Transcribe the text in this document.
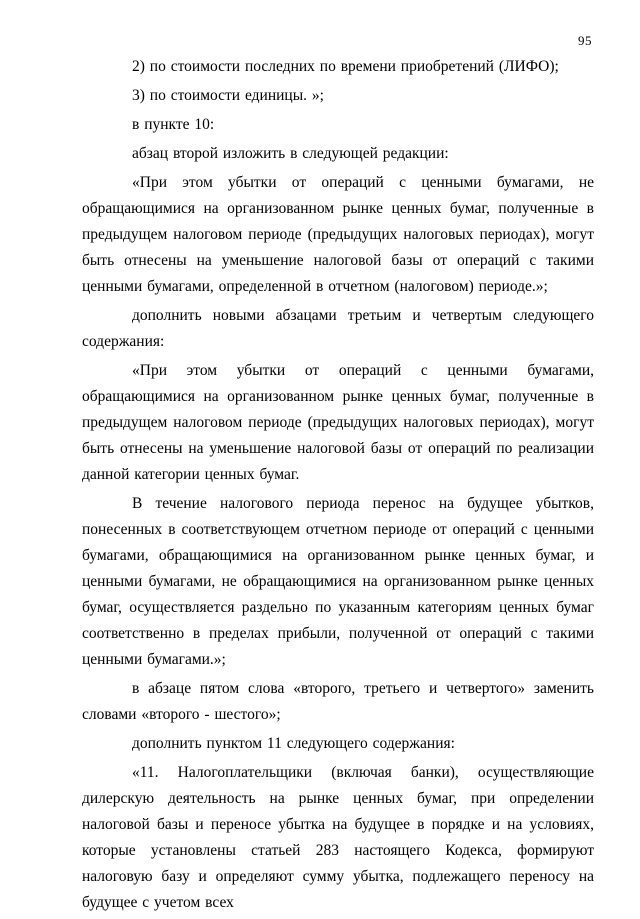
95

2) по стоимости последних по времени приобретений (ЛИФО);

3) по стоимости единицы. »;

в пункте 10:

абзац второй изложить в следующей редакции:

«При этом убытки от операций с ценными бумагами, не обращающимися на организованном рынке ценных бумаг, полученные в предыдущем налоговом периоде (предыдущих налоговых периодах), могут быть отнесены на уменьшение налоговой базы от операций с такими ценными бумагами, определенной в отчетном (налоговом) периоде.»;

дополнить новыми абзацами третьим и четвертым следующего содержания:

«При этом убытки от операций с ценными бумагами, обращающимися на организованном рынке ценных бумаг, полученные в предыдущем налоговом периоде (предыдущих налоговых периодах), могут быть отнесены на уменьшение налоговой базы от операций по реализации данной категории ценных бумаг.

В течение налогового периода перенос на будущее убытков, понесенных в соответствующем отчетном периоде от операций с ценными бумагами, обращающимися на организованном рынке ценных бумаг, и ценными бумагами, не обращающимися на организованном рынке ценных бумаг, осуществляется раздельно по указанным категориям ценных бумаг соответственно в пределах прибыли, полученной от операций с такими ценными бумагами.»;

в абзаце пятом слова «второго, третьего и четвертого» заменить словами «второго - шестого»;

дополнить пунктом 11 следующего содержания:

«11. Налогоплательщики (включая банки), осуществляющие дилерскую деятельность на рынке ценных бумаг, при определении налоговой базы и переносе убытка на будущее в порядке и на условиях, которые установлены статьей 283 настоящего Кодекса, формируют налоговую базу и определяют сумму убытка, подлежащего переносу на будущее с учетом всех
